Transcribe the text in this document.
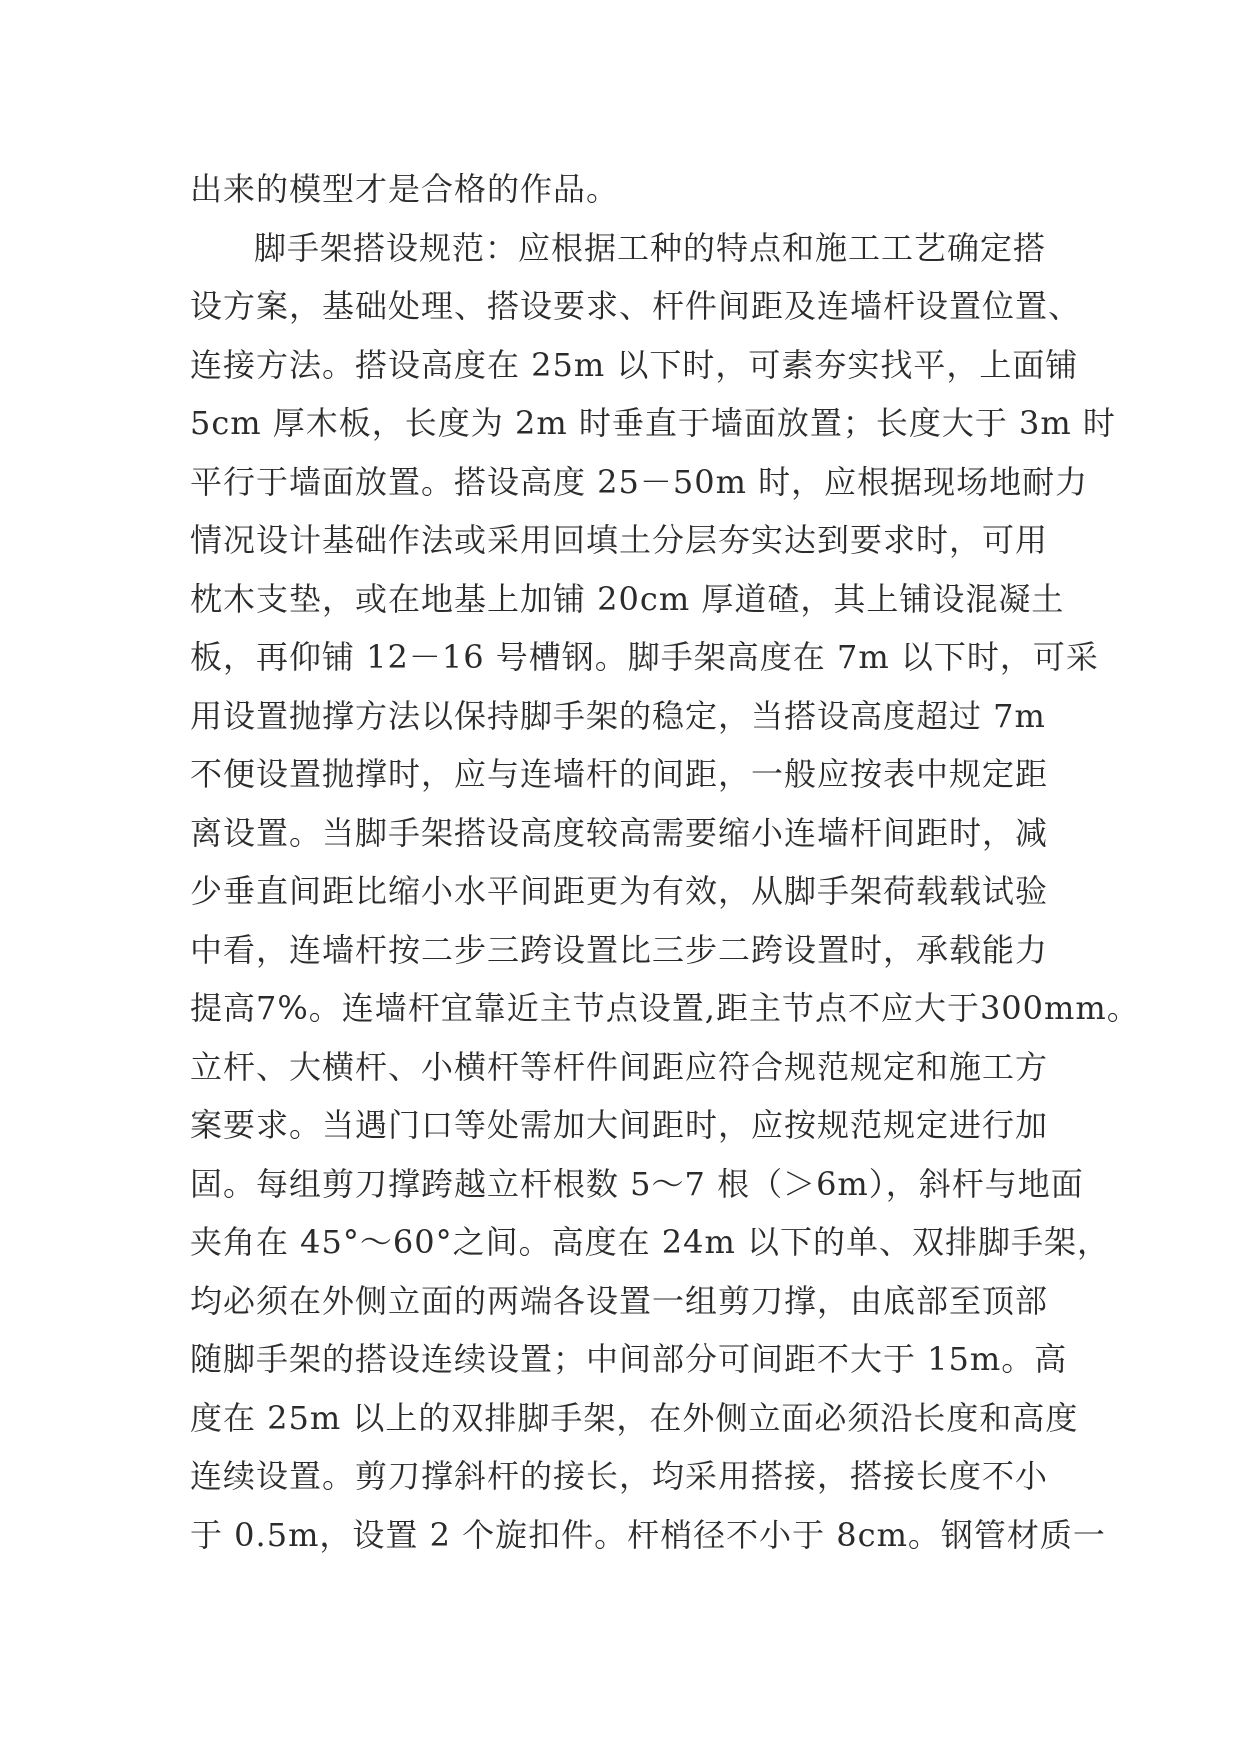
出来的模型才是合格的作品。
脚手架搭设规范：应根据工种的特点和施工工艺确定搭
设方案，基础处理、搭设要求、杆件间距及连墙杆设置位置、
连接方法。搭设高度在 25m 以下时，可素夯实找平，上面铺
5cm 厚木板，长度为 2m 时垂直于墙面放置；长度大于 3m 时
平行于墙面放置。搭设高度 25－50m 时，应根据现场地耐力
情况设计基础作法或采用回填土分层夯实达到要求时，可用
枕木支垫，或在地基上加铺 20cm 厚道碴，其上铺设混凝土
板，再仰铺 12－16 号槽钢。脚手架高度在 7m 以下时，可采
用设置抛撑方法以保持脚手架的稳定，当搭设高度超过 7m
不便设置抛撑时，应与连墙杆的间距，一般应按表中规定距
离设置。当脚手架搭设高度较高需要缩小连墙杆间距时，减
少垂直间距比缩小水平间距更为有效，从脚手架荷载载试验
中看，连墙杆按二步三跨设置比三步二跨设置时，承载能力
提高7%。连墙杆宜靠近主节点设置,距主节点不应大于300mm。
立杆、大横杆、小横杆等杆件间距应符合规范规定和施工方
案要求。当遇门口等处需加大间距时，应按规范规定进行加
固。每组剪刀撑跨越立杆根数 5～7 根（＞6m），斜杆与地面
夹角在 45°～60°之间。高度在 24m 以下的单、双排脚手架，
均必须在外侧立面的两端各设置一组剪刀撑，由底部至顶部
随脚手架的搭设连续设置；中间部分可间距不大于 15m。高
度在 25m 以上的双排脚手架，在外侧立面必须沿长度和高度
连续设置。剪刀撑斜杆的接长，均采用搭接，搭接长度不小
于 0.5m，设置 2 个旋扣件。杆梢径不小于 8cm。钢管材质一
